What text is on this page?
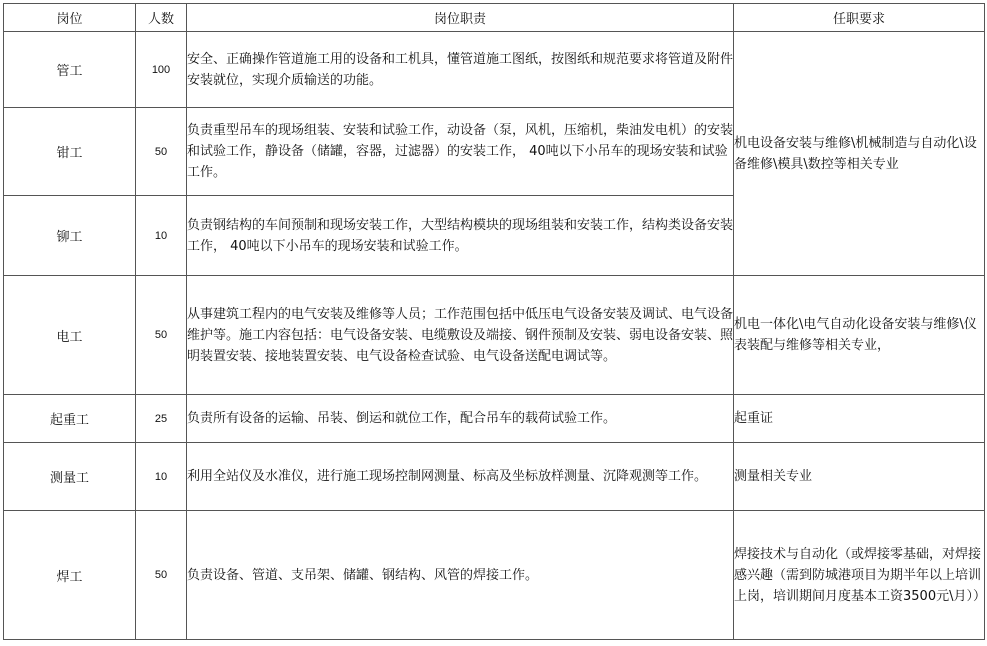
岗位	人数	岗位职责	任职要求
管工	100	安全、正确操作管道施工用的设备和工机具，懂管道施工图纸，按图纸和规范要求将管道及附件安装就位，实现介质输送的功能。	机电设备安装与维修\机械制造与自动化\设备维修\模具\数控等相关专业
钳工	50	负责重型吊车的现场组装、安装和试验工作，动设备（泵，风机，压缩机，柴油发电机）的安装和试验工作，静设备（储罐，容器，过滤器）的安装工作， 40吨以下小吊车的现场安装和试验工作。	
铆工	10	负责钢结构的车间预制和现场安装工作，大型结构模块的现场组装和安装工作，结构类设备安装工作， 40吨以下小吊车的现场安装和试验工作。	
电工	50	从事建筑工程内的电气安装及维修等人员；工作范围包括中低压电气设备安装及调试、电气设备维护等。施工内容包括：电气设备安装、电缆敷设及端接、钢件预制及安装、弱电设备安装、照明装置安装、接地装置安装、电气设备检查试验、电气设备送配电调试等。	机电一体化\电气自动化设备安装与维修\仪表装配与维修等相关专业，
起重工	25	负责所有设备的运输、吊装、倒运和就位工作，配合吊车的载荷试验工作。	起重证
测量工	10	利用全站仪及水准仪，进行施工现场控制网测量、标高及坐标放样测量、沉降观测等工作。	测量相关专业
焊工	50	负责设备、管道、支吊架、储罐、钢结构、风管的焊接工作。	焊接技术与自动化（或焊接零基础，对焊接感兴趣（需到防城港项目为期半年以上培训上岗，培训期间月度基本工资3500元\月））
